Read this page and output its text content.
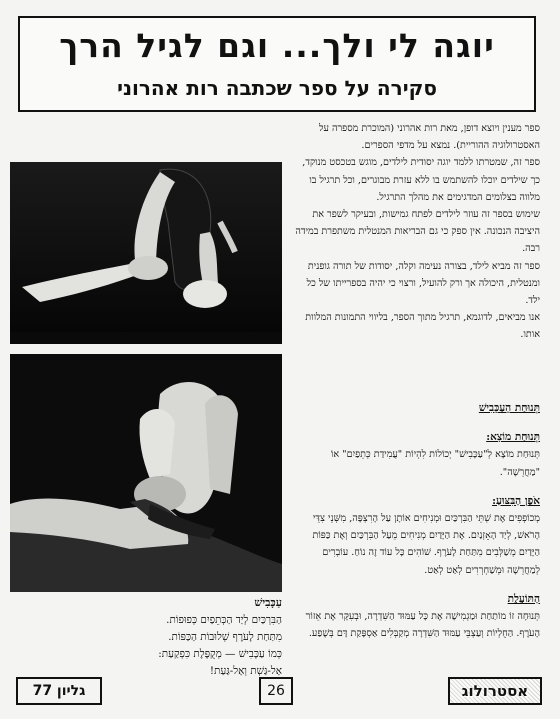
יוגה לי ולך... וגם לגיל הרך
סקירה על ספר שכתבה רות אהרוני

ספר מענין ויוצא דופן, מאת רות אהרוני (המוכרת מספרה על האסטרולוגיה ההוריית). נמצא על מדפי הספרים.

ספר זה, שמטרתו ללמד יוגה יסודית לילדים, מוגש בטכסט מנוקד, כך שילדים יוכלו להשתמש בו ללא עזרת מבוגרים, וכל תרגיל בו מלווה בצלומים המדגימים את מהלך התרגיל.

שימוש בספר זה עוזר לילדים לפתח גמישות, ובעיקר לשפר את היציבה הנכונה. אין ספק כי גם הבריאות המנטלית משתפרת במידה רבה.

ספר זה מביא לילד, בצורה נעימה וקלה, יסודות של תורה גופנית ומנטלית, היכולה אך ורק להועיל, ורצוי כי יהיה בספרייתו של כל ילד.

אנו מביאים, לדוגמא, תרגיל מתוך הספר, בליווי התמונות המלוות אותו.

תְּנוּחַת הָעַכָּבִישׁ

תְּנוּחַת מוֹצָא:

תְּנוּחַת מוֹצָא לְ"עַכָּבִישׁ" יְכוֹלוֹת לִהְיוֹת "עֲמִידַת כְּתֵפַיִם" אוֹ "מַחֲרֵשָׁה".

אֹפֶן הַבִּצּוּעַ:

מְכוֹפְפִים אֶת שְׁתֵּי הַבִּרְכַּיִם וּמְנִיחִים אוֹתָן עַל הָרִצְפָּה, מִשְּׁנֵי צִדֵּי הָרֹאשׁ, לְיַד הָאָזְנַיִם. אֶת הַיָּדַיִם מְנִיחִים מֵעַל הַבִּרְכַּיִם וְאֶת כַּפּוֹת הַיָּדַיִם מְשַׁלְּבִים מִתַּחַת לָעֹרֶף. שׁוֹהִים כָּל עוֹד זֶה נוֹחַ. עוֹבְרִים לְמַחֲרֵשָׁה וּמְשַׁחְרְרִים לְאַט לְאַט.

הַתּוֹעֶלֶת

תְּנוּחָה זוֹ מוֹתַחַת וּמַגְמִישָׁה אֶת כָּל עַמּוּד הַשִּׁדְרָה, וּבְעִקָּר אֶת אֵזוֹר הָעֹרֶף. הַחֻלְיוֹת וְעַצְבֵּי עַמּוּד הַשִּׁדְרָה מְקַבְּלִים אַסְפָּקַת דָּם בְּשֶׁפַע.

עַכָּבִישׁ
הַבִּרְכַּיִם לְיַד הַכְּתֵפַיִם כְּפוּפוֹת.
מִתַּחַת לָעֹרֶף שְׁלוּבוֹת הַכַּפּוֹת.
כְּמוֹ עַכָּבִישׁ — מְקֻפֶּלֶת כִּפְקַעַת:
אַל-גַּשְׁת וְאַל-גַּעַת!
גליון 77	26	אסטרולוג
